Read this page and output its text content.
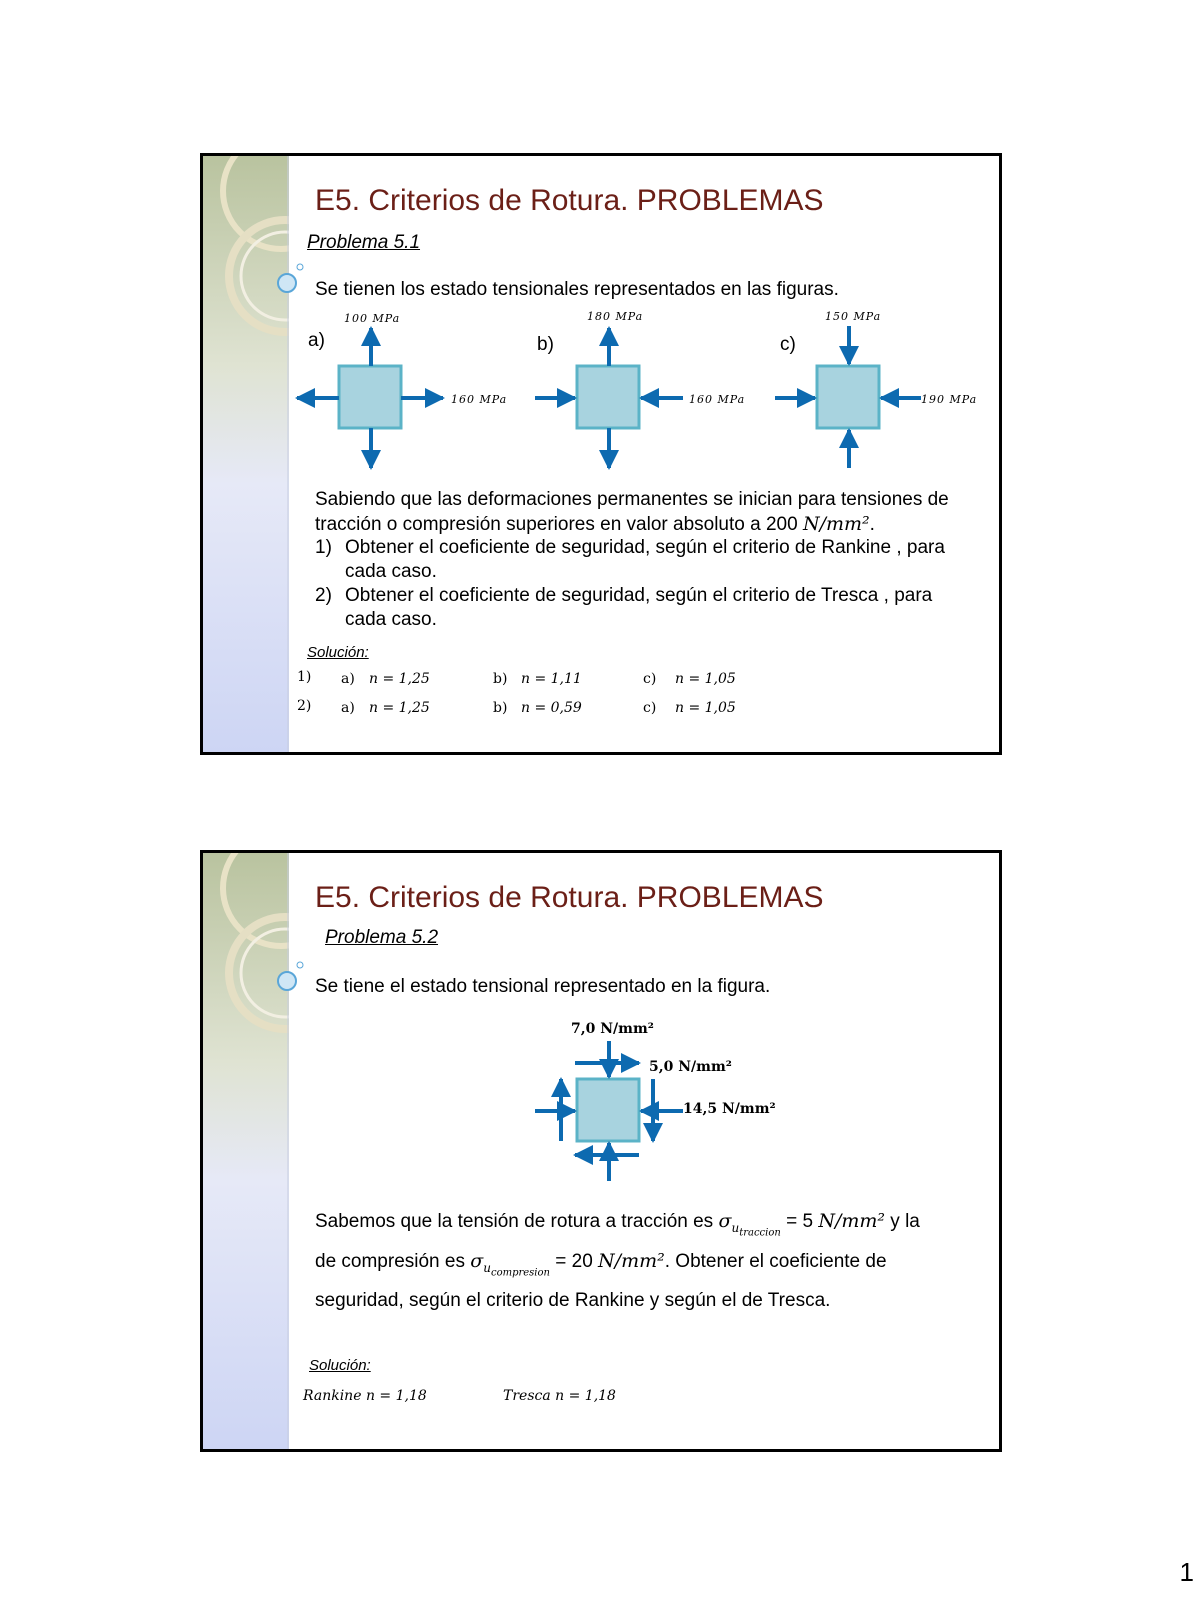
E5. Criterios de Rotura. PROBLEMAS
Problema 5.1
Se tienen los estado tensionales representados en las figuras.
a)
100 MPa
160 MPa
b)
180 MPa
160 MPa
c)
150 MPa
190 MPa
Sabiendo que las deformaciones permanentes se inician para tensiones de tracción o compresión superiores en valor absoluto a 200 N/mm².
1) Obtener el coeficiente de seguridad, según el criterio de Rankine , para cada caso.
2) Obtener el coeficiente de seguridad, según el criterio de Tresca , para cada caso.
Solución:
1) a) n = 1,25	b) n = 1,11	c) n = 1,05
2) a) n = 1,25	b) n = 0,59	c) n = 1,05
E5. Criterios de Rotura. PROBLEMAS
Problema 5.2
Se tiene el estado tensional representado en la figura.
7,0 N/mm²
5,0 N/mm²
14,5 N/mm²
Sabemos que la tensión de rotura a tracción es $\sigma_{u_{traccion}} = 5$ N/mm² y la
de compresión es $\sigma_{u_{compresion}} = 20$ N/mm². Obtener el coeficiente de
seguridad, según el criterio de Rankine y según el de Tresca.
Solución:
Rankine n = 1,18	Tresca n = 1,18
1
